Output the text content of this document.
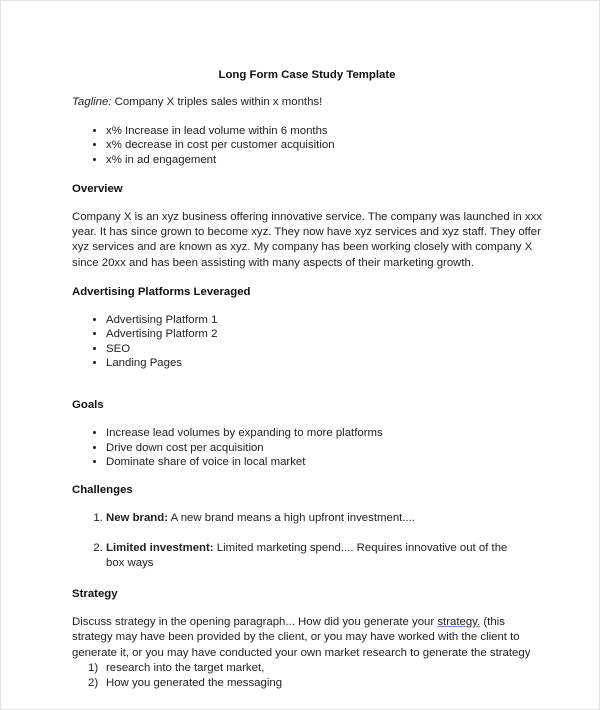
Long Form Case Study Template
Tagline: Company X triples sales within x months!
• x% Increase in lead volume within 6 months
• x% decrease in cost per customer acquisition
• x% in ad engagement
Overview

Company X is an xyz business offering innovative service. The company was launched in xxx year. It has since grown to become xyz. They now have xyz services and xyz staff. They offer xyz services and are known as xyz. My company has been working closely with company X since 20xx and has been assisting with many aspects of their marketing growth.

Advertising Platforms Leveraged
• Advertising Platform 1
• Advertising Platform 2
• SEO
• Landing Pages
Goals
• Increase lead volumes by expanding to more platforms
• Drive down cost per acquisition
• Dominate share of voice in local market
Challenges
1. New brand: A new brand means a high upfront investment....
2. Limited investment: Limited marketing spend.... Requires innovative out of the box ways
Strategy

Discuss strategy in the opening paragraph... How did you generate your strategy. (this strategy may have been provided by the client, or you may have worked with the client to generate it, or you may have conducted your own market research to generate the strategy

research into the target market,
How you generated the messaging
